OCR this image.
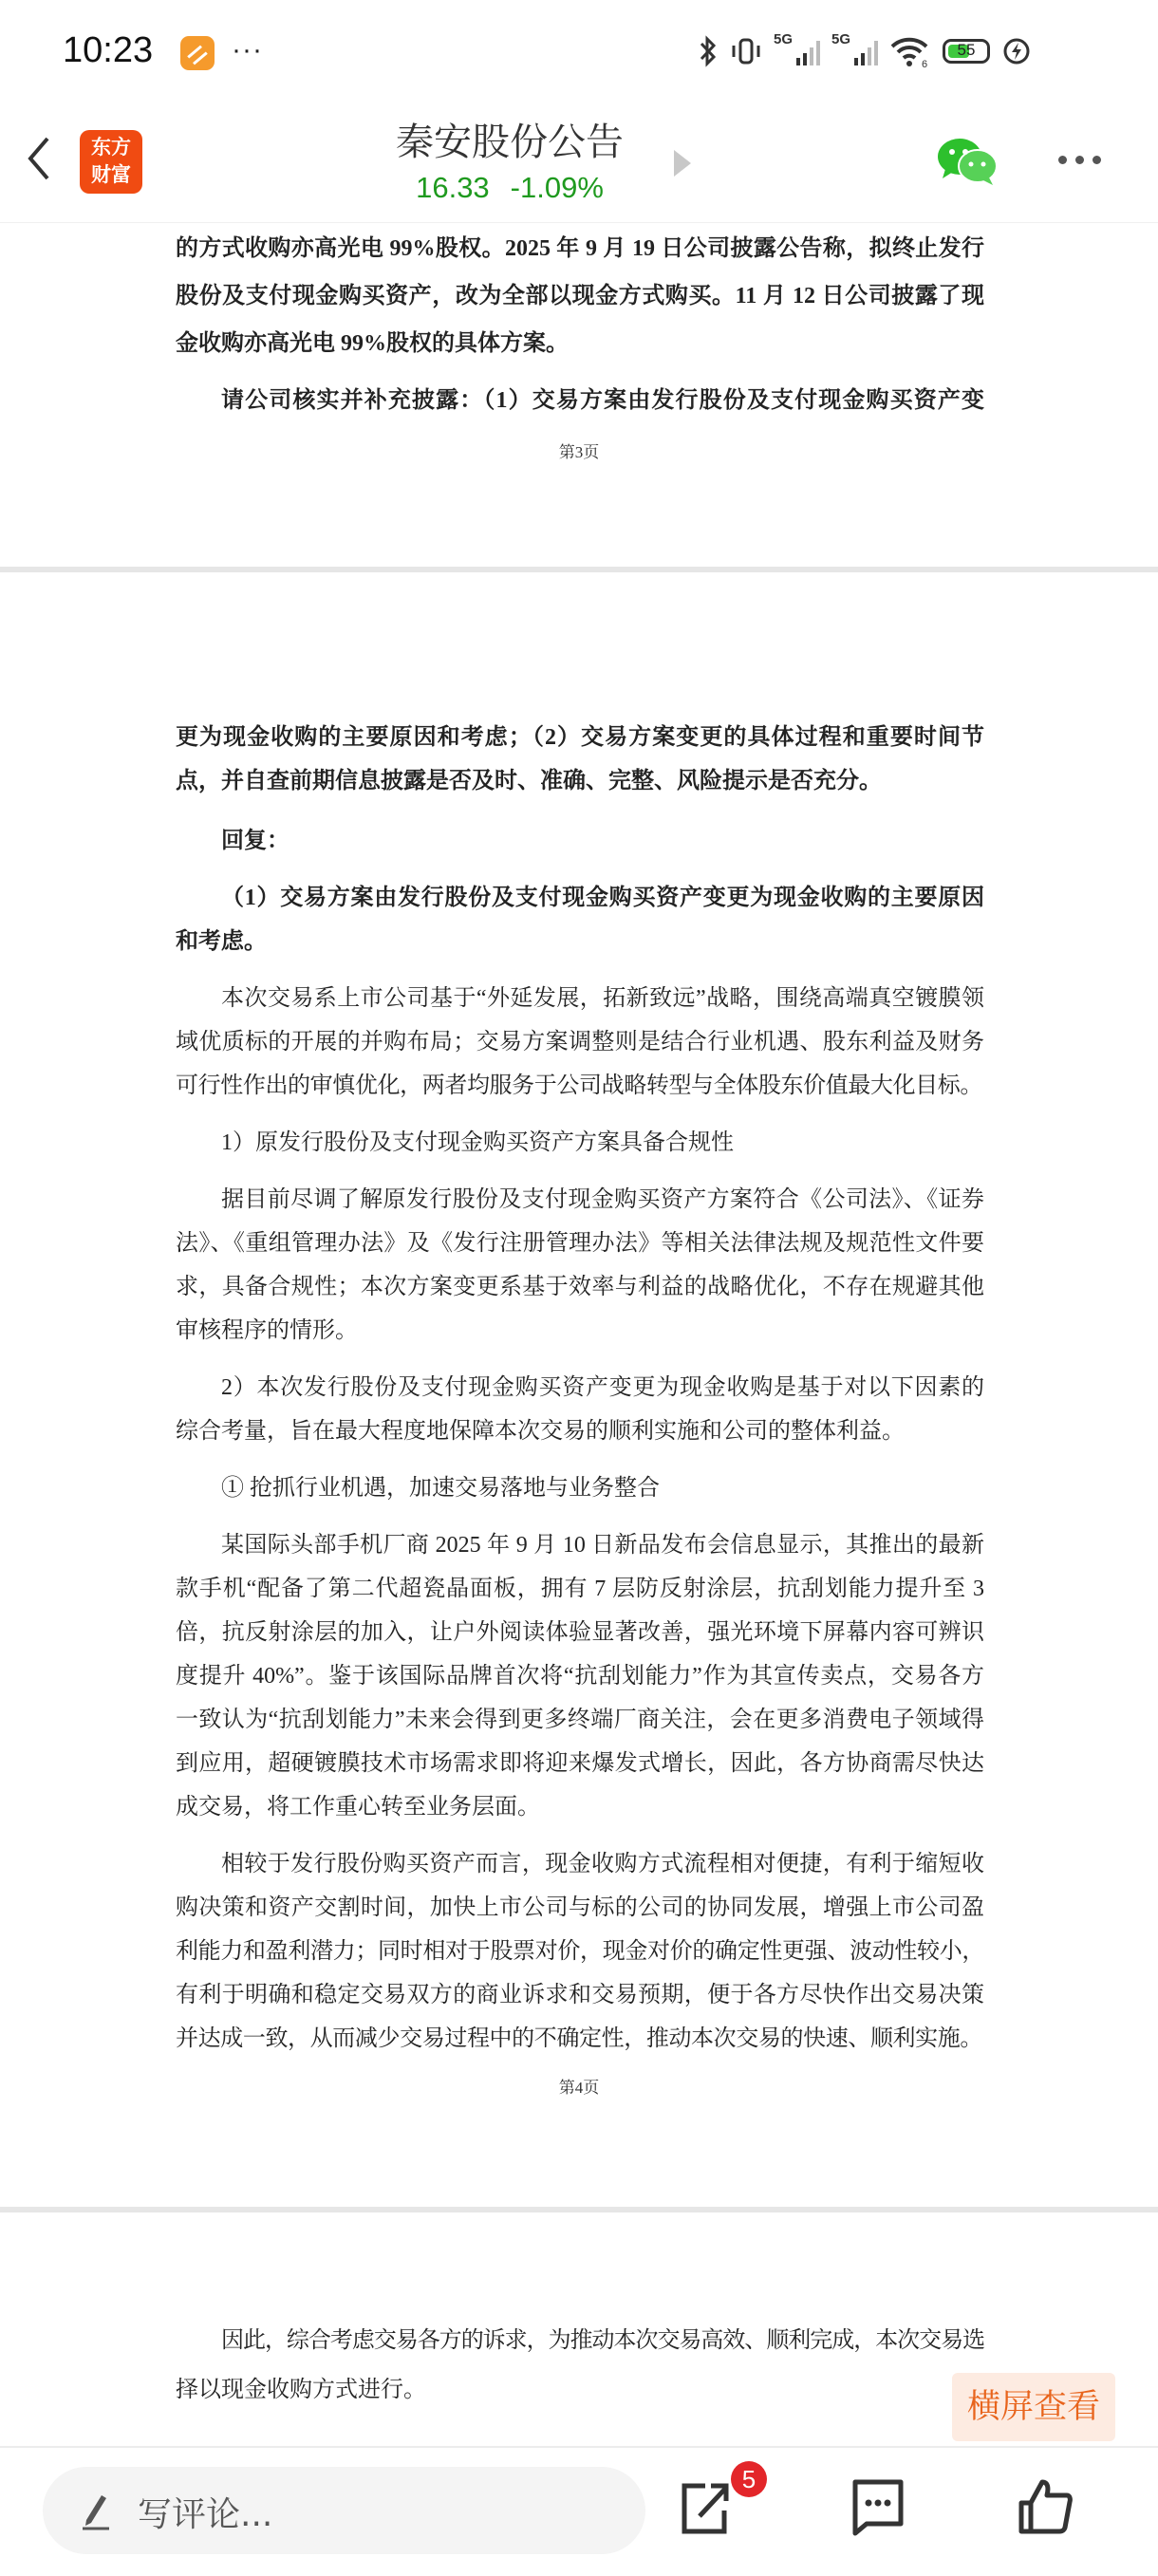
10:23	···	5G	5G
6
55
东方
财富
秦安股份公告
16.33 -1.09%
的方式收购亦高光电 99%股权。2025 年 9 月 19 日公司披露公告称，拟终止发行
股份及支付现金购买资产，改为全部以现金方式购买。11 月 12 日公司披露了现
金收购亦高光电 99%股权的具体方案。
请公司核实并补充披露：（1）交易方案由发行股份及支付现金购买资产变
第3页
更为现金收购的主要原因和考虑；（2）交易方案变更的具体过程和重要时间节
点，并自查前期信息披露是否及时、准确、完整、风险提示是否充分。
回复：
（1）交易方案由发行股份及支付现金购买资产变更为现金收购的主要原因
和考虑。
本次交易系上市公司基于“外延发展，拓新致远”战略，围绕高端真空镀膜领
域优质标的开展的并购布局；交易方案调整则是结合行业机遇、股东利益及财务
可行性作出的审慎优化，两者均服务于公司战略转型与全体股东价值最大化目标。
1）原发行股份及支付现金购买资产方案具备合规性
据目前尽调了解原发行股份及支付现金购买资产方案符合《公司法》、《证券
法》、《重组管理办法》及《发行注册管理办法》等相关法律法规及规范性文件要
求，具备合规性；本次方案变更系基于效率与利益的战略优化，不存在规避其他
审核程序的情形。
2）本次发行股份及支付现金购买资产变更为现金收购是基于对以下因素的
综合考量，旨在最大程度地保障本次交易的顺利实施和公司的整体利益。
① 抢抓行业机遇，加速交易落地与业务整合
某国际头部手机厂商 2025 年 9 月 10 日新品发布会信息显示，其推出的最新
款手机“配备了第二代超瓷晶面板，拥有 7 层防反射涂层，抗刮划能力提升至 3
倍，抗反射涂层的加入，让户外阅读体验显著改善，强光环境下屏幕内容可辨识
度提升 40%”。鉴于该国际品牌首次将“抗刮划能力”作为其宣传卖点，交易各方
一致认为“抗刮划能力”未来会得到更多终端厂商关注，会在更多消费电子领域得
到应用，超硬镀膜技术市场需求即将迎来爆发式增长，因此，各方协商需尽快达
成交易，将工作重心转至业务层面。
相较于发行股份购买资产而言，现金收购方式流程相对便捷，有利于缩短收
购决策和资产交割时间，加快上市公司与标的公司的协同发展，增强上市公司盈
利能力和盈利潜力；同时相对于股票对价，现金对价的确定性更强、波动性较小，
有利于明确和稳定交易双方的商业诉求和交易预期，便于各方尽快作出交易决策
并达成一致，从而减少交易过程中的不确定性，推动本次交易的快速、顺利实施。
第4页
因此，综合考虑交易各方的诉求，为推动本次交易高效、顺利完成，本次交易选
择以现金收购方式进行。	横屏查看
写评论...
5
